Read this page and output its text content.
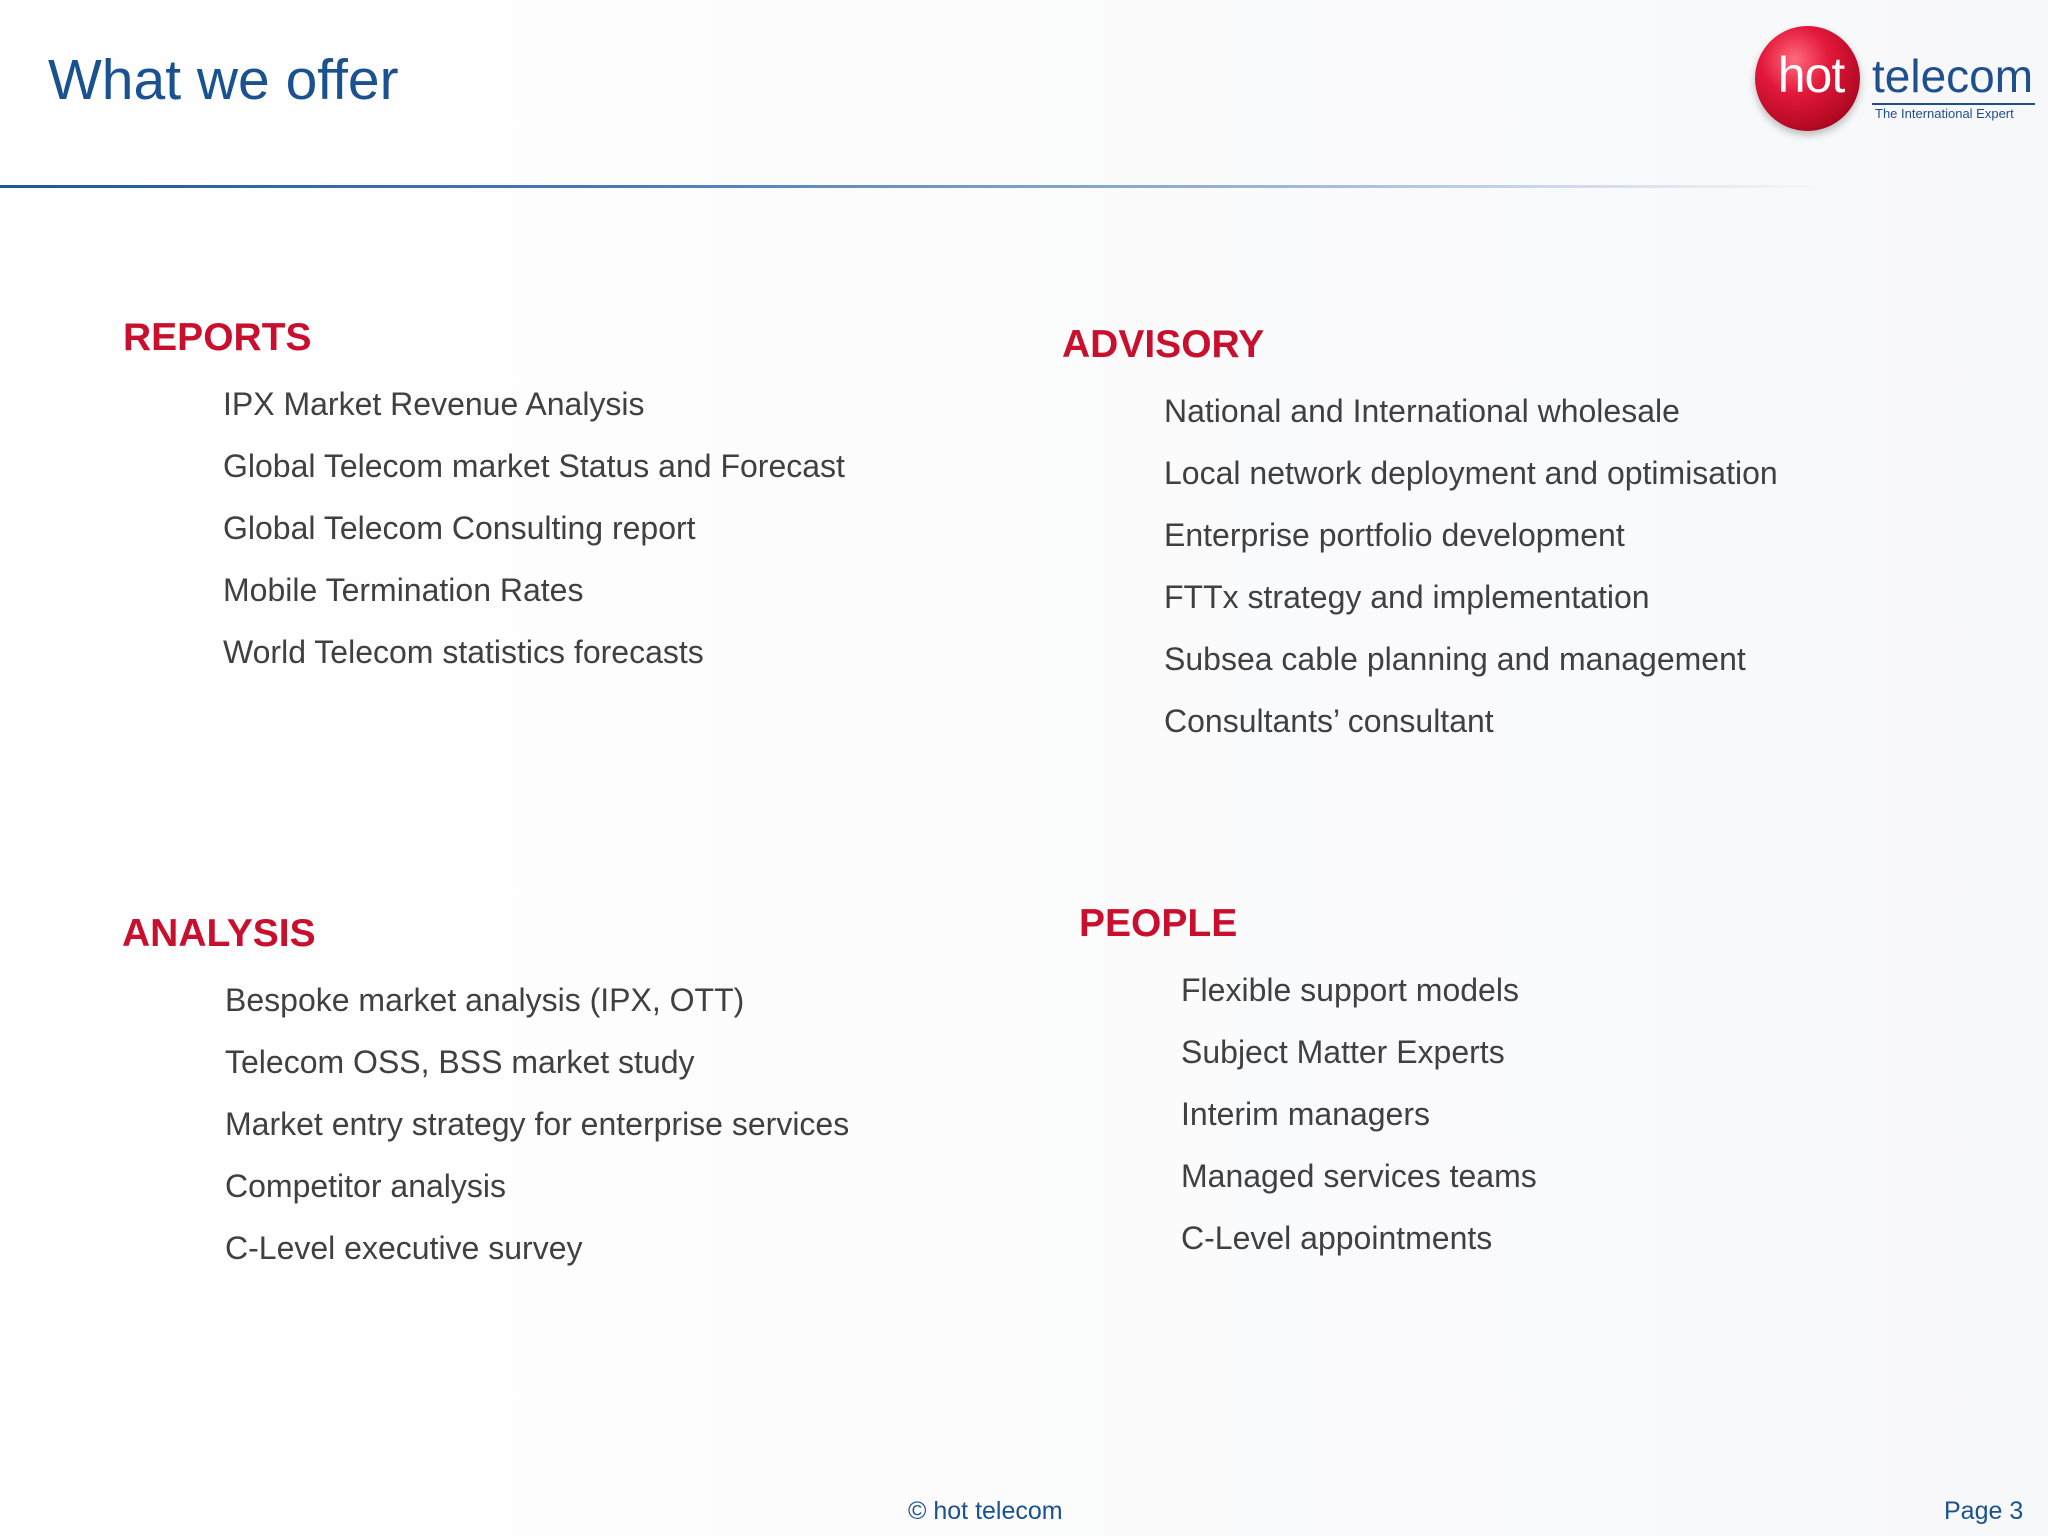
What we offer	hot telecom
The International Expert
REPORTS
IPX Market Revenue Analysis
Global Telecom market Status and Forecast
Global Telecom Consulting report
Mobile Termination Rates
World Telecom statistics forecasts
ADVISORY
National and International wholesale
Local network deployment and optimisation
Enterprise portfolio development
FTTx strategy and implementation
Subsea cable planning and management
Consultants’ consultant
ANALYSIS
Bespoke market analysis (IPX, OTT)
Telecom OSS, BSS market study
Market entry strategy for enterprise services
Competitor analysis
C-Level executive survey
PEOPLE
Flexible support models
Subject Matter Experts
Interim managers
Managed services teams
C-Level appointments
© hot telecom	Page 3
